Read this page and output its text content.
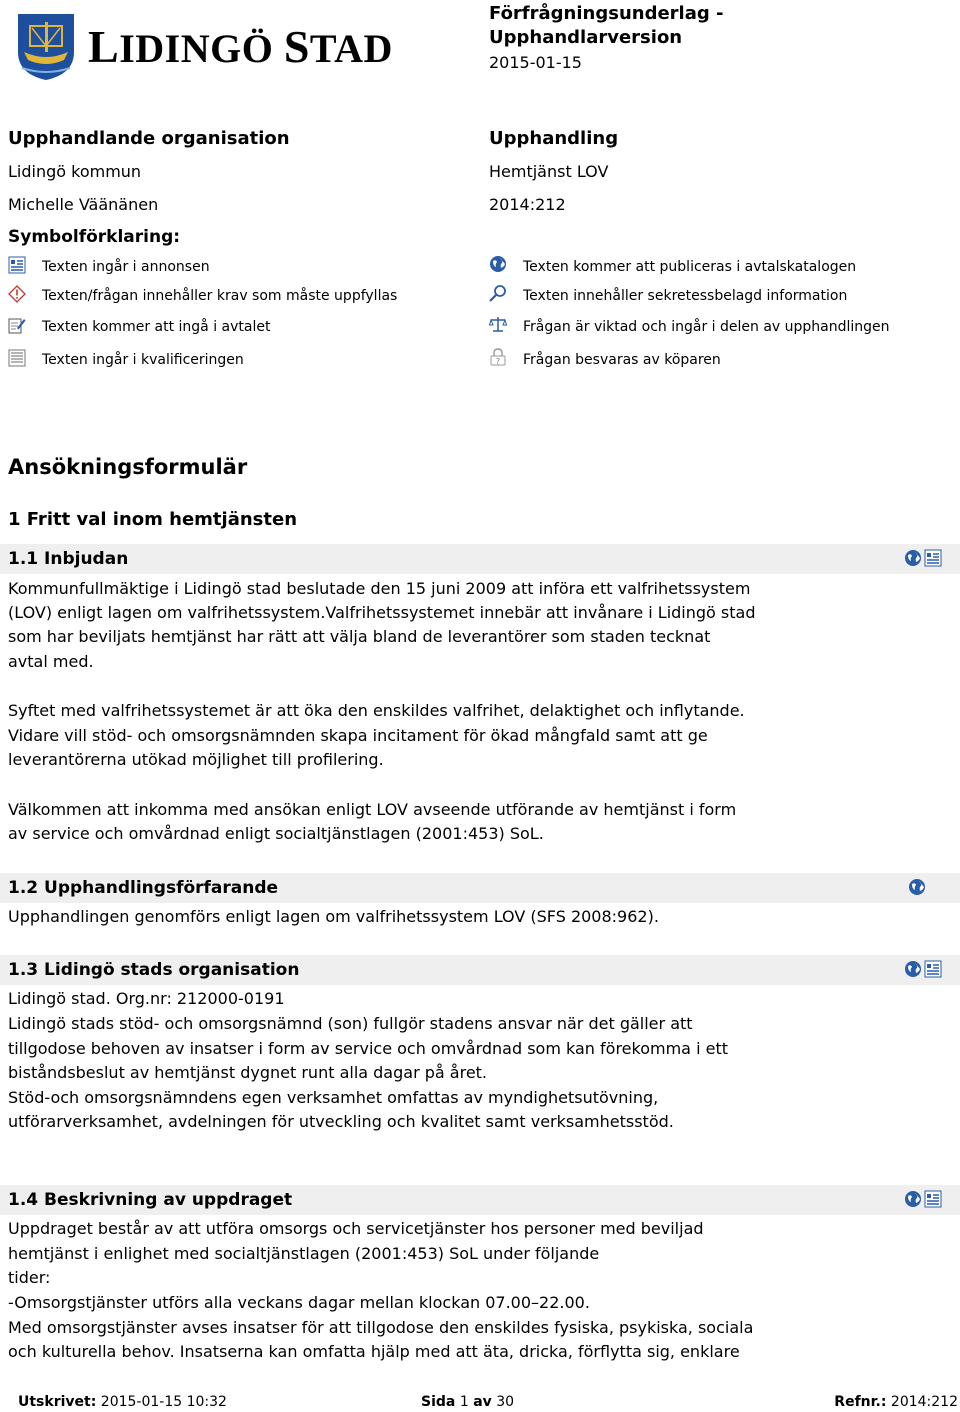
LIDINGÖ STAD
Förfrågningsunderlag -
Upphandlarversion
2015-01-15
Upphandlande organisation
Lidingö kommun
Michelle Väänänen
Upphandling
Hemtjänst LOV
2014:212
Symbolförklaring:
Texten ingår i annonsen
Texten/frågan innehåller krav som måste uppfyllas
Texten kommer att ingå i avtalet
Texten ingår i kvalificeringen
Texten kommer att publiceras i avtalskatalogen
Texten innehåller sekretessbelagd information
Frågan är viktad och ingår i delen av upphandlingen
? Frågan besvaras av köparen
Ansökningsformulär
1 Fritt val inom hemtjänsten
1.1 Inbjudan
Kommunfullmäktige i Lidingö stad beslutade den 15 juni 2009 att införa ett valfrihetssystem
(LOV) enligt lagen om valfrihetssystem.Valfrihetssystemet innebär att invånare i Lidingö stad
som har beviljats hemtjänst har rätt att välja bland de leverantörer som staden tecknat
avtal med.
Syftet med valfrihetssystemet är att öka den enskildes valfrihet, delaktighet och inflytande.
Vidare vill stöd- och omsorgsnämnden skapa incitament för ökad mångfald samt att ge
leverantörerna utökad möjlighet till profilering.
Välkommen att inkomma med ansökan enligt LOV avseende utförande av hemtjänst i form
av service och omvårdnad enligt socialtjänstlagen (2001:453) SoL.
1.2 Upphandlingsförfarande
Upphandlingen genomförs enligt lagen om valfrihetssystem LOV (SFS 2008:962).
1.3 Lidingö stads organisation
Lidingö stad. Org.nr: 212000-0191
Lidingö stads stöd- och omsorgsnämnd (son) fullgör stadens ansvar när det gäller att
tillgodose behoven av insatser i form av service och omvårdnad som kan förekomma i ett
biståndsbeslut av hemtjänst dygnet runt alla dagar på året.
Stöd-och omsorgsnämndens egen verksamhet omfattas av myndighetsutövning,
utförarverksamhet, avdelningen för utveckling och kvalitet samt verksamhetsstöd.
1.4 Beskrivning av uppdraget
Uppdraget består av att utföra omsorgs och servicetjänster hos personer med beviljad
hemtjänst i enlighet med socialtjänstlagen (2001:453) SoL under följande
tider:
-Omsorgstjänster utförs alla veckans dagar mellan klockan 07.00–22.00.
Med omsorgstjänster avses insatser för att tillgodose den enskildes fysiska, psykiska, sociala
och kulturella behov. Insatserna kan omfatta hjälp med att äta, dricka, förflytta sig, enklare
Utskrivet: 2015-01-15 10:32	Sida 1 av 30	Refnr.: 2014:212
